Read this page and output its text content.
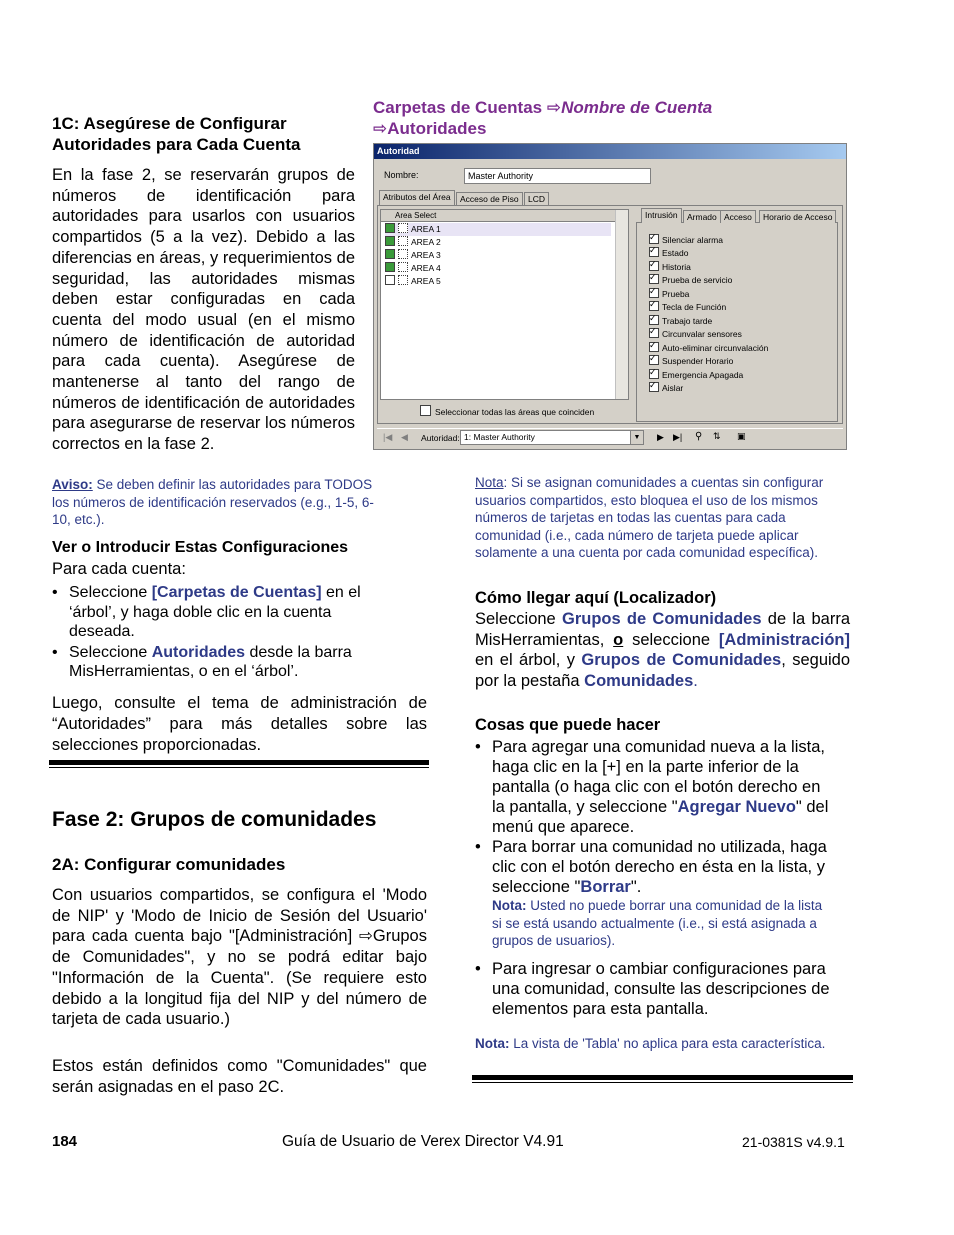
1C: Asegúrese de Configurar Autoridades para Cada Cuenta

En la fase 2, se reservarán grupos de números de identificación para autoridades para usarlos con usuarios compartidos (5 a la vez). Debido a las diferencias en áreas, y requerimientos de seguridad, las autoridades mismas deben estar configuradas en cada cuenta del modo usual (en el mismo número de identificación de autoridad para cada cuenta). Asegúrese de mantenerse al tanto del rango de números de identificación de autoridades para asegurarse de reservar los números correctos en la fase 2.

Aviso: Se deben definir las autoridades para TODOS los números de identificación reservados (e.g., 1-5, 6-10, etc.).

Ver o Introducir Estas Configuraciones

Para cada cuenta:

• Seleccione [Carpetas de Cuentas] en el ‘árbol’, y haga doble clic en la cuenta deseada.
• Seleccione Autoridades desde la barra MisHerramientas, o en el ‘árbol’.

Luego, consulte el tema de administración de “Autoridades” para más detalles sobre las selecciones proporcionadas.

Fase 2: Grupos de comunidades

2A: Configurar comunidades

Con usuarios compartidos, se configura el 'Modo de NIP' y 'Modo de Inicio de Sesión del Usuario' para cada cuenta bajo "[Administración] ⇨Grupos de Comunidades", y no se podrá editar bajo "Información de la Cuenta". (Se requiere esto debido a la longitud fija del NIP y del número de tarjeta de cada usuario.)

Estos están definidos como "Comunidades" que serán asignadas en el paso 2C.

Carpetas de Cuentas ⇨Nombre de Cuenta
⇨Autoridades

Autoridad
Nombre:	Master Authority
Atributos del Área	Acceso de Piso	LCD
Area Select
AREA 1
AREA 2
AREA 3
AREA 4
AREA 5
Seleccionar todas las áreas que coinciden
Intrusión	Armado Acceso	Horario de Acceso
|◀ ◀ Autoridad: 1: Master Authority	▼ ▶ ▶| ⚲ ⇅ ▣
✓Silenciar alarma
✓Estado
✓Historia
✓Prueba de servicio
✓Prueba
✓Tecla de Función
✓Trabajo tarde
✓Circunvalar sensores
✓Auto-eliminar circunvalación
✓Suspender Horario
✓Emergencia Apagada
✓Aislar

Nota: Si se asignan comunidades a cuentas sin configurar usuarios compartidos, esto bloquea el uso de los mismos números de tarjetas en todas las cuentas para cada comunidad (i.e., cada número de tarjeta puede aplicar solamente a una cuenta por cada comunidad específica).

Cómo llegar aquí (Localizador)

Seleccione Grupos de Comunidades de la barra MisHerramientas, o seleccione [Administración] en el árbol, y Grupos de Comunidades, seguido por la pestaña Comunidades.

Cosas que puede hacer

• Para agregar una comunidad nueva a la lista, haga clic en la [+] en la parte inferior de la pantalla (o haga clic con el botón derecho en la pantalla, y seleccione "Agregar Nuevo" del menú que aparece.
• Para borrar una comunidad no utilizada, haga clic con el botón derecho en ésta en la lista, y seleccione "Borrar".

Nota: Usted no puede borrar una comunidad de la lista si se está usando actualmente (i.e., si está asignada a grupos de usuarios).

• Para ingresar o cambiar configuraciones para una comunidad, consulte las descripciones de elementos para esta pantalla.

Nota: La vista de 'Tabla' no aplica para esta característica.

184	Guía de Usuario de Verex Director V4.91	21-0381S v4.9.1
